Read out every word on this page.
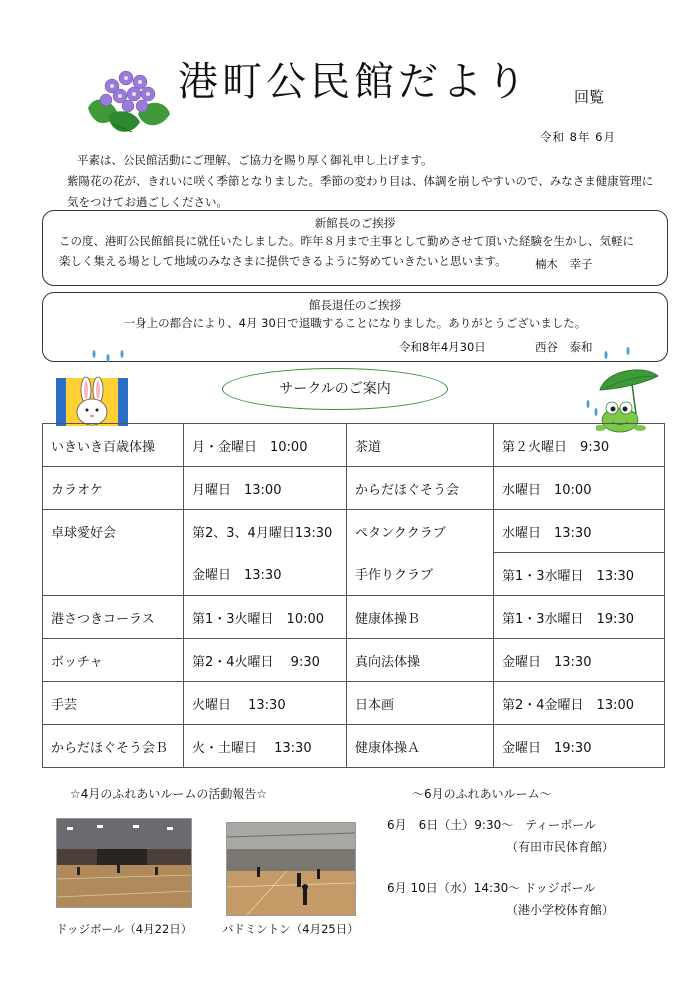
港町公民館だより	回覧
令和 8年 6月
平素は、公民館活動にご理解、ご協力を賜り厚く御礼申し上げます。
紫陽花の花が、きれいに咲く季節となりました。季節の変わり目は、体調を崩しやすいので、みなさま健康管理に
気をつけてお過ごしください。
新館長のご挨拶
この度、港町公民館館長に就任いたしました。昨年８月まで主事として勤めさせて頂いた経験を生かし、気軽に
楽しく集える場として地域のみなさまに提供できるように努めていきたいと思います。	楠木　幸子
館長退任のご挨拶
一身上の都合により、4月 30日で退職することになりました。ありがとうございました。
令和8年4月30日	西谷　泰和
サークルのご案内
いきいき百歳体操	月・金曜日　10:00	茶道	第２火曜日　9:30
カラオケ	月曜日　13:00	からだほぐそう会	水曜日　10:00
卓球愛好会	第2、3、4月曜日13:30	ペタンククラブ	水曜日　13:30
	金曜日　13:30	手作りクラブ	第1・3水曜日　13:30
港さつきコーラス	第1・3火曜日　10:00	健康体操Ｂ	第1・3水曜日　19:30
ボッチャ	第2・4火曜日　 9:30	真向法体操	金曜日　13:30
手芸	火曜日　 13:30	日本画	第2・4金曜日　13:00
からだほぐそう会Ｂ	火・土曜日　 13:30	健康体操Ａ	金曜日　19:30
☆4月のふれあいルームの活動報告☆	～6月のふれあいルーム～
ドッジボール（4月22日）	バドミントン（4月25日）
6月　6日（土）9:30～　ティーボール
（有田市民体育館）
6月 10日（水）14:30～ ドッジボール
（港小学校体育館）
